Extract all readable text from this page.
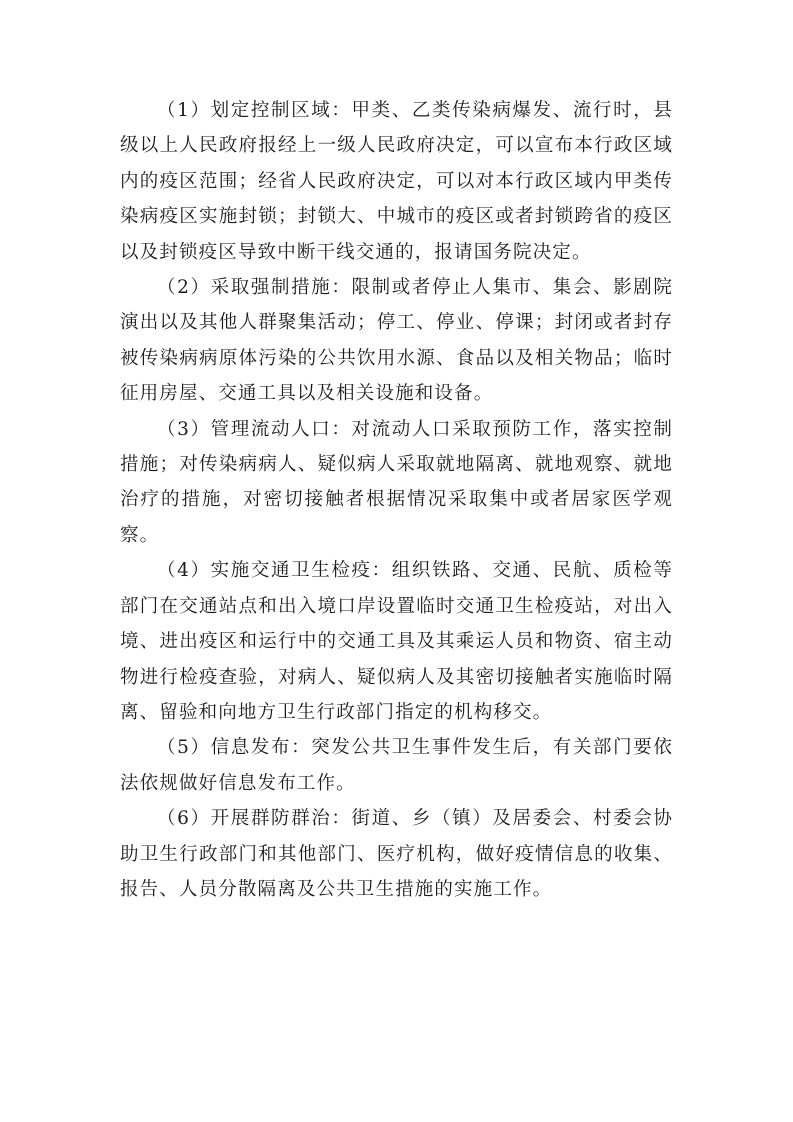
（1）划定控制区域：甲类、乙类传染病爆发、流行时，县级以上人民政府报经上一级人民政府决定，可以宣布本行政区域内的疫区范围；经省人民政府决定，可以对本行政区域内甲类传染病疫区实施封锁；封锁大、中城市的疫区或者封锁跨省的疫区以及封锁疫区导致中断干线交通的，报请国务院决定。

（2）采取强制措施：限制或者停止人集市、集会、影剧院演出以及其他人群聚集活动；停工、停业、停课；封闭或者封存被传染病病原体污染的公共饮用水源、食品以及相关物品；临时征用房屋、交通工具以及相关设施和设备。

（3）管理流动人口：对流动人口采取预防工作，落实控制措施；对传染病病人、疑似病人采取就地隔离、就地观察、就地治疗的措施，对密切接触者根据情况采取集中或者居家医学观察。

（4）实施交通卫生检疫：组织铁路、交通、民航、质检等部门在交通站点和出入境口岸设置临时交通卫生检疫站，对出入境、进出疫区和运行中的交通工具及其乘运人员和物资、宿主动物进行检疫查验，对病人、疑似病人及其密切接触者实施临时隔离、留验和向地方卫生行政部门指定的机构移交。

（5）信息发布：突发公共卫生事件发生后，有关部门要依法依规做好信息发布工作。

（6）开展群防群治：街道、乡（镇）及居委会、村委会协助卫生行政部门和其他部门、医疗机构，做好疫情信息的收集、报告、人员分散隔离及公共卫生措施的实施工作。
